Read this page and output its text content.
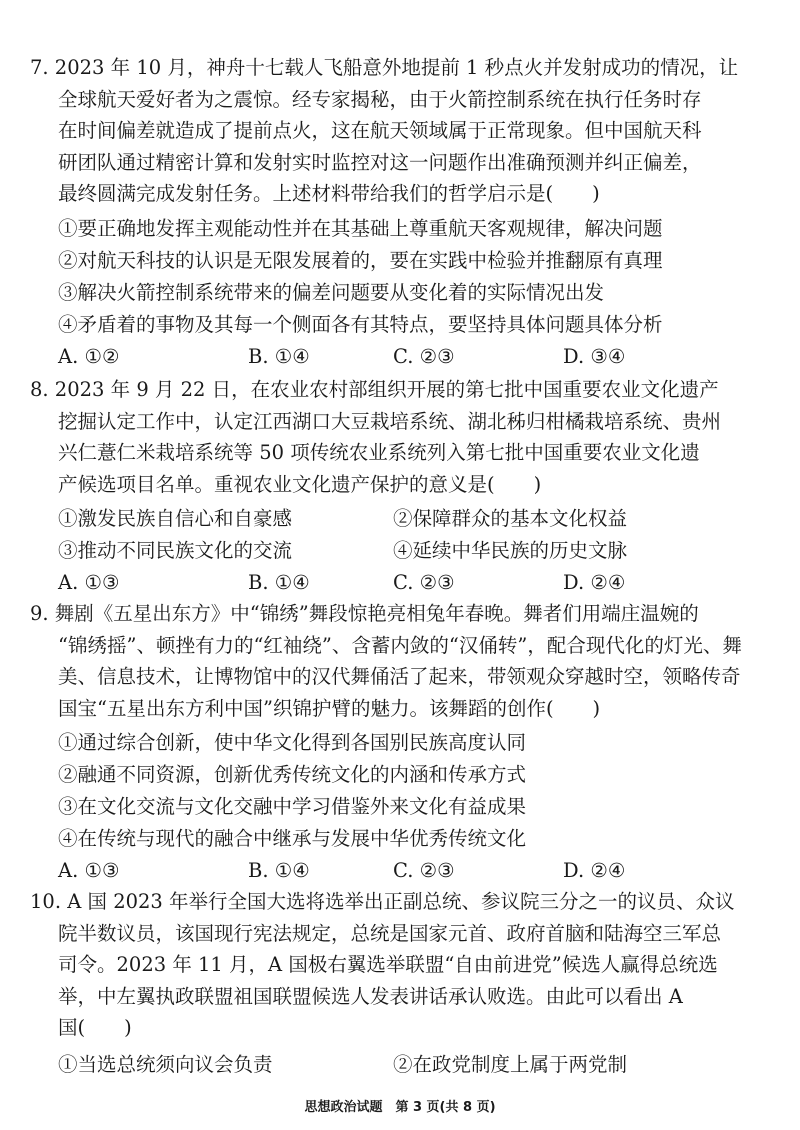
7. 2023 年 10 月，神舟十七载人飞船意外地提前 1 秒点火并发射成功的情况，让
全球航天爱好者为之震惊。经专家揭秘，由于火箭控制系统在执行任务时存
在时间偏差就造成了提前点火，这在航天领域属于正常现象。但中国航天科
研团队通过精密计算和发射实时监控对这一问题作出准确预测并纠正偏差，
最终圆满完成发射任务。上述材料带给我们的哲学启示是(　　)
①要正确地发挥主观能动性并在其基础上尊重航天客观规律，解决问题
②对航天科技的认识是无限发展着的，要在实践中检验并推翻原有真理
③解决火箭控制系统带来的偏差问题要从变化着的实际情况出发
④矛盾着的事物及其每一个侧面各有其特点，要坚持具体问题具体分析
A. ①②	B. ①④	C. ②③	D. ③④
8. 2023 年 9 月 22 日，在农业农村部组织开展的第七批中国重要农业文化遗产
挖掘认定工作中，认定江西湖口大豆栽培系统、湖北秭归柑橘栽培系统、贵州
兴仁薏仁米栽培系统等 50 项传统农业系统列入第七批中国重要农业文化遗
产候选项目名单。重视农业文化遗产保护的意义是(　　)
①激发民族自信心和自豪感	②保障群众的基本文化权益
③推动不同民族文化的交流	④延续中华民族的历史文脉
A. ①③	B. ①④	C. ②③	D. ②④
9. 舞剧《五星出东方》中“锦绣”舞段惊艳亮相兔年春晚。舞者们用端庄温婉的
“锦绣摇”、顿挫有力的“红袖绕”、含蓄内敛的“汉俑转”，配合现代化的灯光、舞
美、信息技术，让博物馆中的汉代舞俑活了起来，带领观众穿越时空，领略传奇
国宝“五星出东方利中国”织锦护臂的魅力。该舞蹈的创作(　　)
①通过综合创新，使中华文化得到各国别民族高度认同
②融通不同资源，创新优秀传统文化的内涵和传承方式
③在文化交流与文化交融中学习借鉴外来文化有益成果
④在传统与现代的融合中继承与发展中华优秀传统文化
A. ①③	B. ①④	C. ②③	D. ②④
10. A 国 2023 年举行全国大选将选举出正副总统、参议院三分之一的议员、众议
院半数议员，该国现行宪法规定，总统是国家元首、政府首脑和陆海空三军总
司令。2023 年 11 月，A 国极右翼选举联盟“自由前进党”候选人赢得总统选
举，中左翼执政联盟祖国联盟候选人发表讲话承认败选。由此可以看出 A
国(　　)
①当选总统须向议会负责	②在政党制度上属于两党制
思想政治试题　第 3 页(共 8 页)
